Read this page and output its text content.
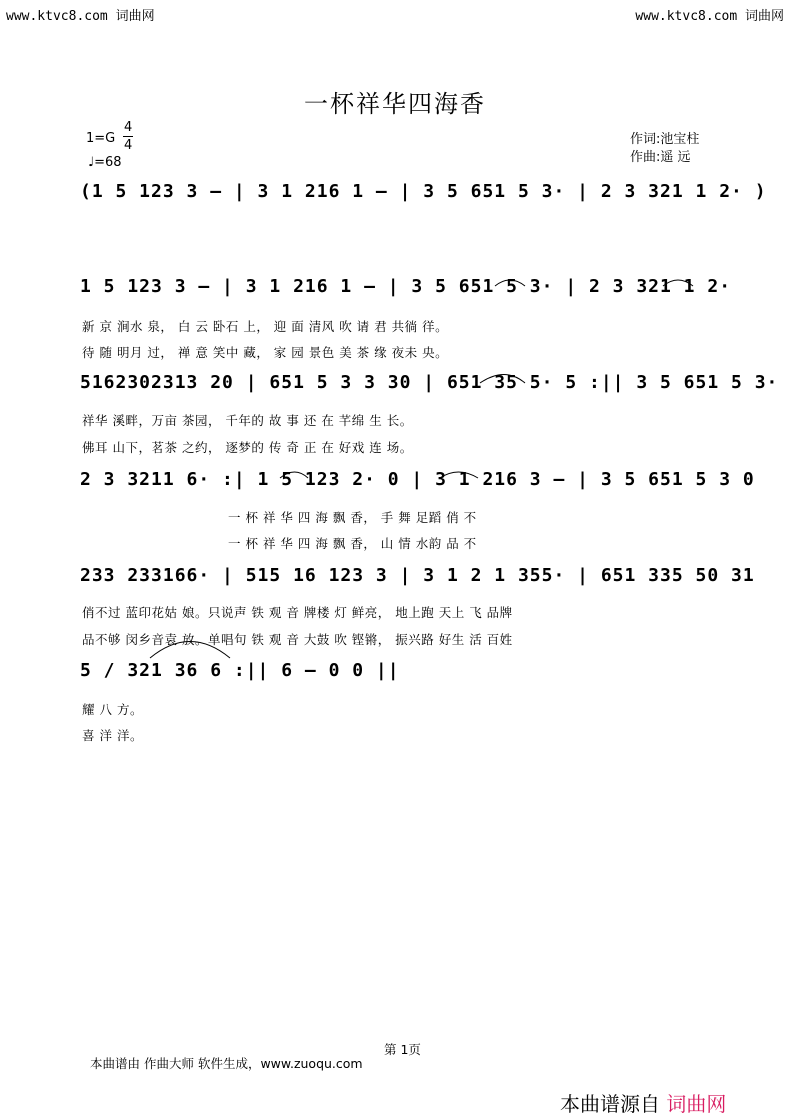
www.ktvc8.com 词曲网	www.ktvc8.com 词曲网
一杯祥华四海香
1=G
4
4
♩=68
作词:池宝柱
作曲:遥 远
(1 5 123 3 – | 3 1 216 1 – | 3 5 651 5 3· | 2 3 321 1 2· )
1 5 123 3 – | 3 1 216 1 – | 3 5 651 5 3· | 2 3 321 1 2·
5162302313 20 | 651 5 3 3 30 | 651 35 5· 5 :|| 3 5 651 5 3·
2 3 3211 6· :| 1 5 123 2· 0 | 3 1 216 3 – | 3 5 651 5 3 0
233 233166· | 515 16 123 3 | 3 1 2 1 355· | 651 335 50 31
5 / 321 36 6 :|| 6 – 0 0 ||
新 京 涧水 泉， 白 云 卧石 上， 迎 面 清风 吹 请 君 共徜 徉。
待 随 明月 过， 禅 意 笑中 藏， 家 园 景色 美 茶 缘 夜未 央。
祥华 溪畔，万亩 茶园， 千年的 故 事 还 在 芊绵 生 长。
佛耳 山下，茗茶 之约， 逐梦的 传 奇 正 在 好戏 连 场。
一 杯 祥 华 四 海 飘 香， 手 舞 足蹈 俏 不
一 杯 祥 华 四 海 飘 香， 山 情 水韵 品 不
俏不过 蓝印花姑 娘。只说声 铁 观 音 牌楼 灯 鲜亮， 地上跑 天上 飞 品牌
品不够 闵乡音袁 放。单唱句 铁 观 音 大鼓 吹 铿锵， 振兴路 好生 活 百姓
耀 八 方。
喜 洋 洋。
第 1页
本曲谱由 作曲大师 软件生成，www.zuoqu.com
本曲谱源自 词曲网
